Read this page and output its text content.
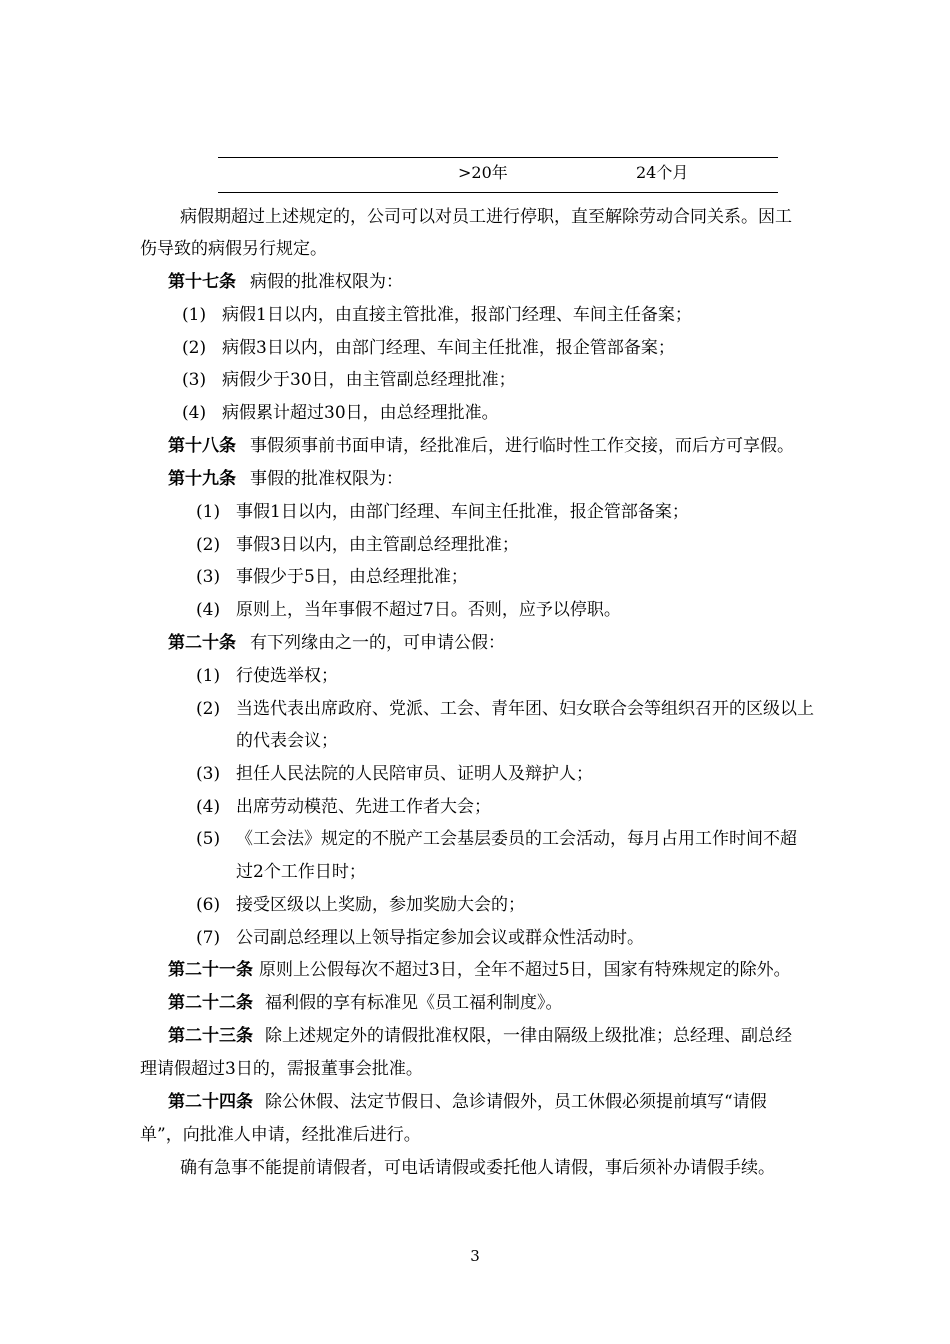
>20年	24个月
病假期超过上述规定的，公司可以对员工进行停职，直至解除劳动合同关系。因工
伤导致的病假另行规定。
第十七条 病假的批准权限为：
(1) 病假1日以内，由直接主管批准，报部门经理、车间主任备案；
(2) 病假3日以内，由部门经理、车间主任批准，报企管部备案；
(3) 病假少于30日，由主管副总经理批准；
(4) 病假累计超过30日，由总经理批准。
第十八条 事假须事前书面申请，经批准后，进行临时性工作交接，而后方可享假。
第十九条 事假的批准权限为：
(1) 事假1日以内，由部门经理、车间主任批准，报企管部备案；
(2) 事假3日以内，由主管副总经理批准；
(3) 事假少于5日，由总经理批准；
(4) 原则上，当年事假不超过7日。否则，应予以停职。
第二十条 有下列缘由之一的，可申请公假：
(1) 行使选举权；
(2) 当选代表出席政府、党派、工会、青年团、妇女联合会等组织召开的区级以上
的代表会议；
(3) 担任人民法院的人民陪审员、证明人及辩护人；
(4) 出席劳动模范、先进工作者大会；
(5) 《工会法》规定的不脱产工会基层委员的工会活动，每月占用工作时间不超
过2个工作日时；
(6) 接受区级以上奖励，参加奖励大会的；
(7) 公司副总经理以上领导指定参加会议或群众性活动时。
第二十一条 原则上公假每次不超过3日，全年不超过5日，国家有特殊规定的除外。
第二十二条 福利假的享有标准见《员工福利制度》。
第二十三条 除上述规定外的请假批准权限，一律由隔级上级批准；总经理、副总经
理请假超过3日的，需报董事会批准。
第二十四条 除公休假、法定节假日、急诊请假外，员工休假必须提前填写“请假
单”，向批准人申请，经批准后进行。
确有急事不能提前请假者，可电话请假或委托他人请假，事后须补办请假手续。
3
